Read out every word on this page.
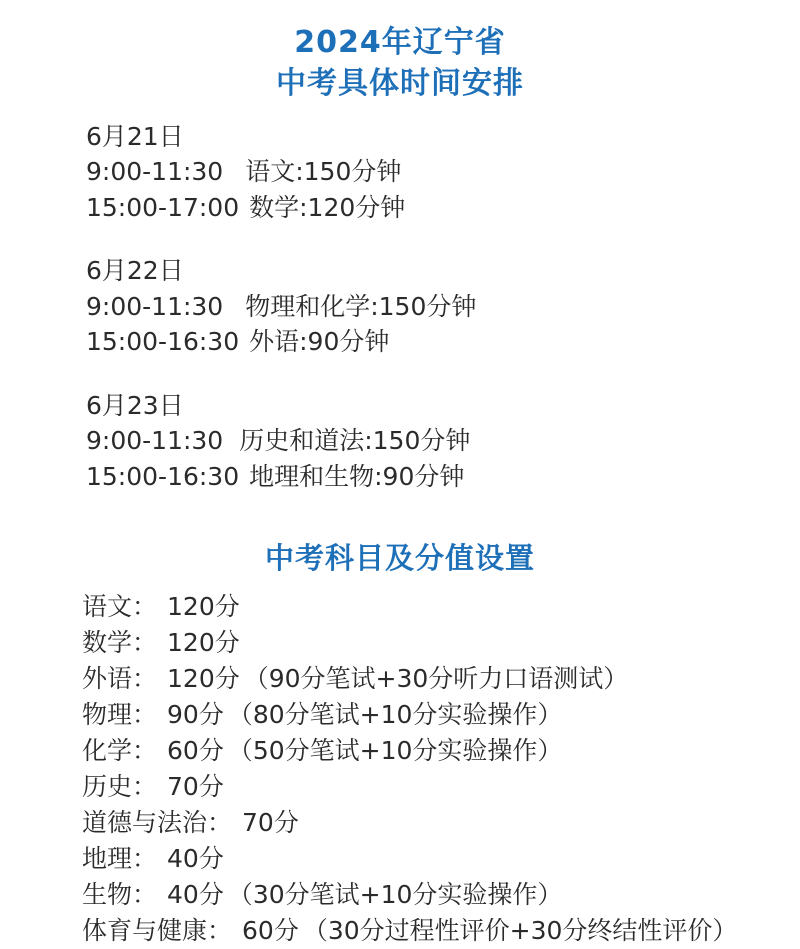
2024年辽宁省
中考具体时间安排
6月21日
9:00-11:30 语文:150分钟
15:00-17:00 数学:120分钟
6月22日
9:00-11:30 物理和化学:150分钟
15:00-16:30 外语:90分钟
6月23日
9:00-11:30 历史和道法:150分钟
15:00-16:30 地理和生物:90分钟
中考科目及分值设置
语文： 120分
数学： 120分
外语： 120分 （90分笔试+30分听力口语测试）
物理： 90分 （80分笔试+10分实验操作）
化学： 60分 （50分笔试+10分实验操作）
历史： 70分
道德与法治： 70分
地理： 40分
生物： 40分 （30分笔试+10分实验操作）
体育与健康： 60分 （30分过程性评价+30分终结性评价）
